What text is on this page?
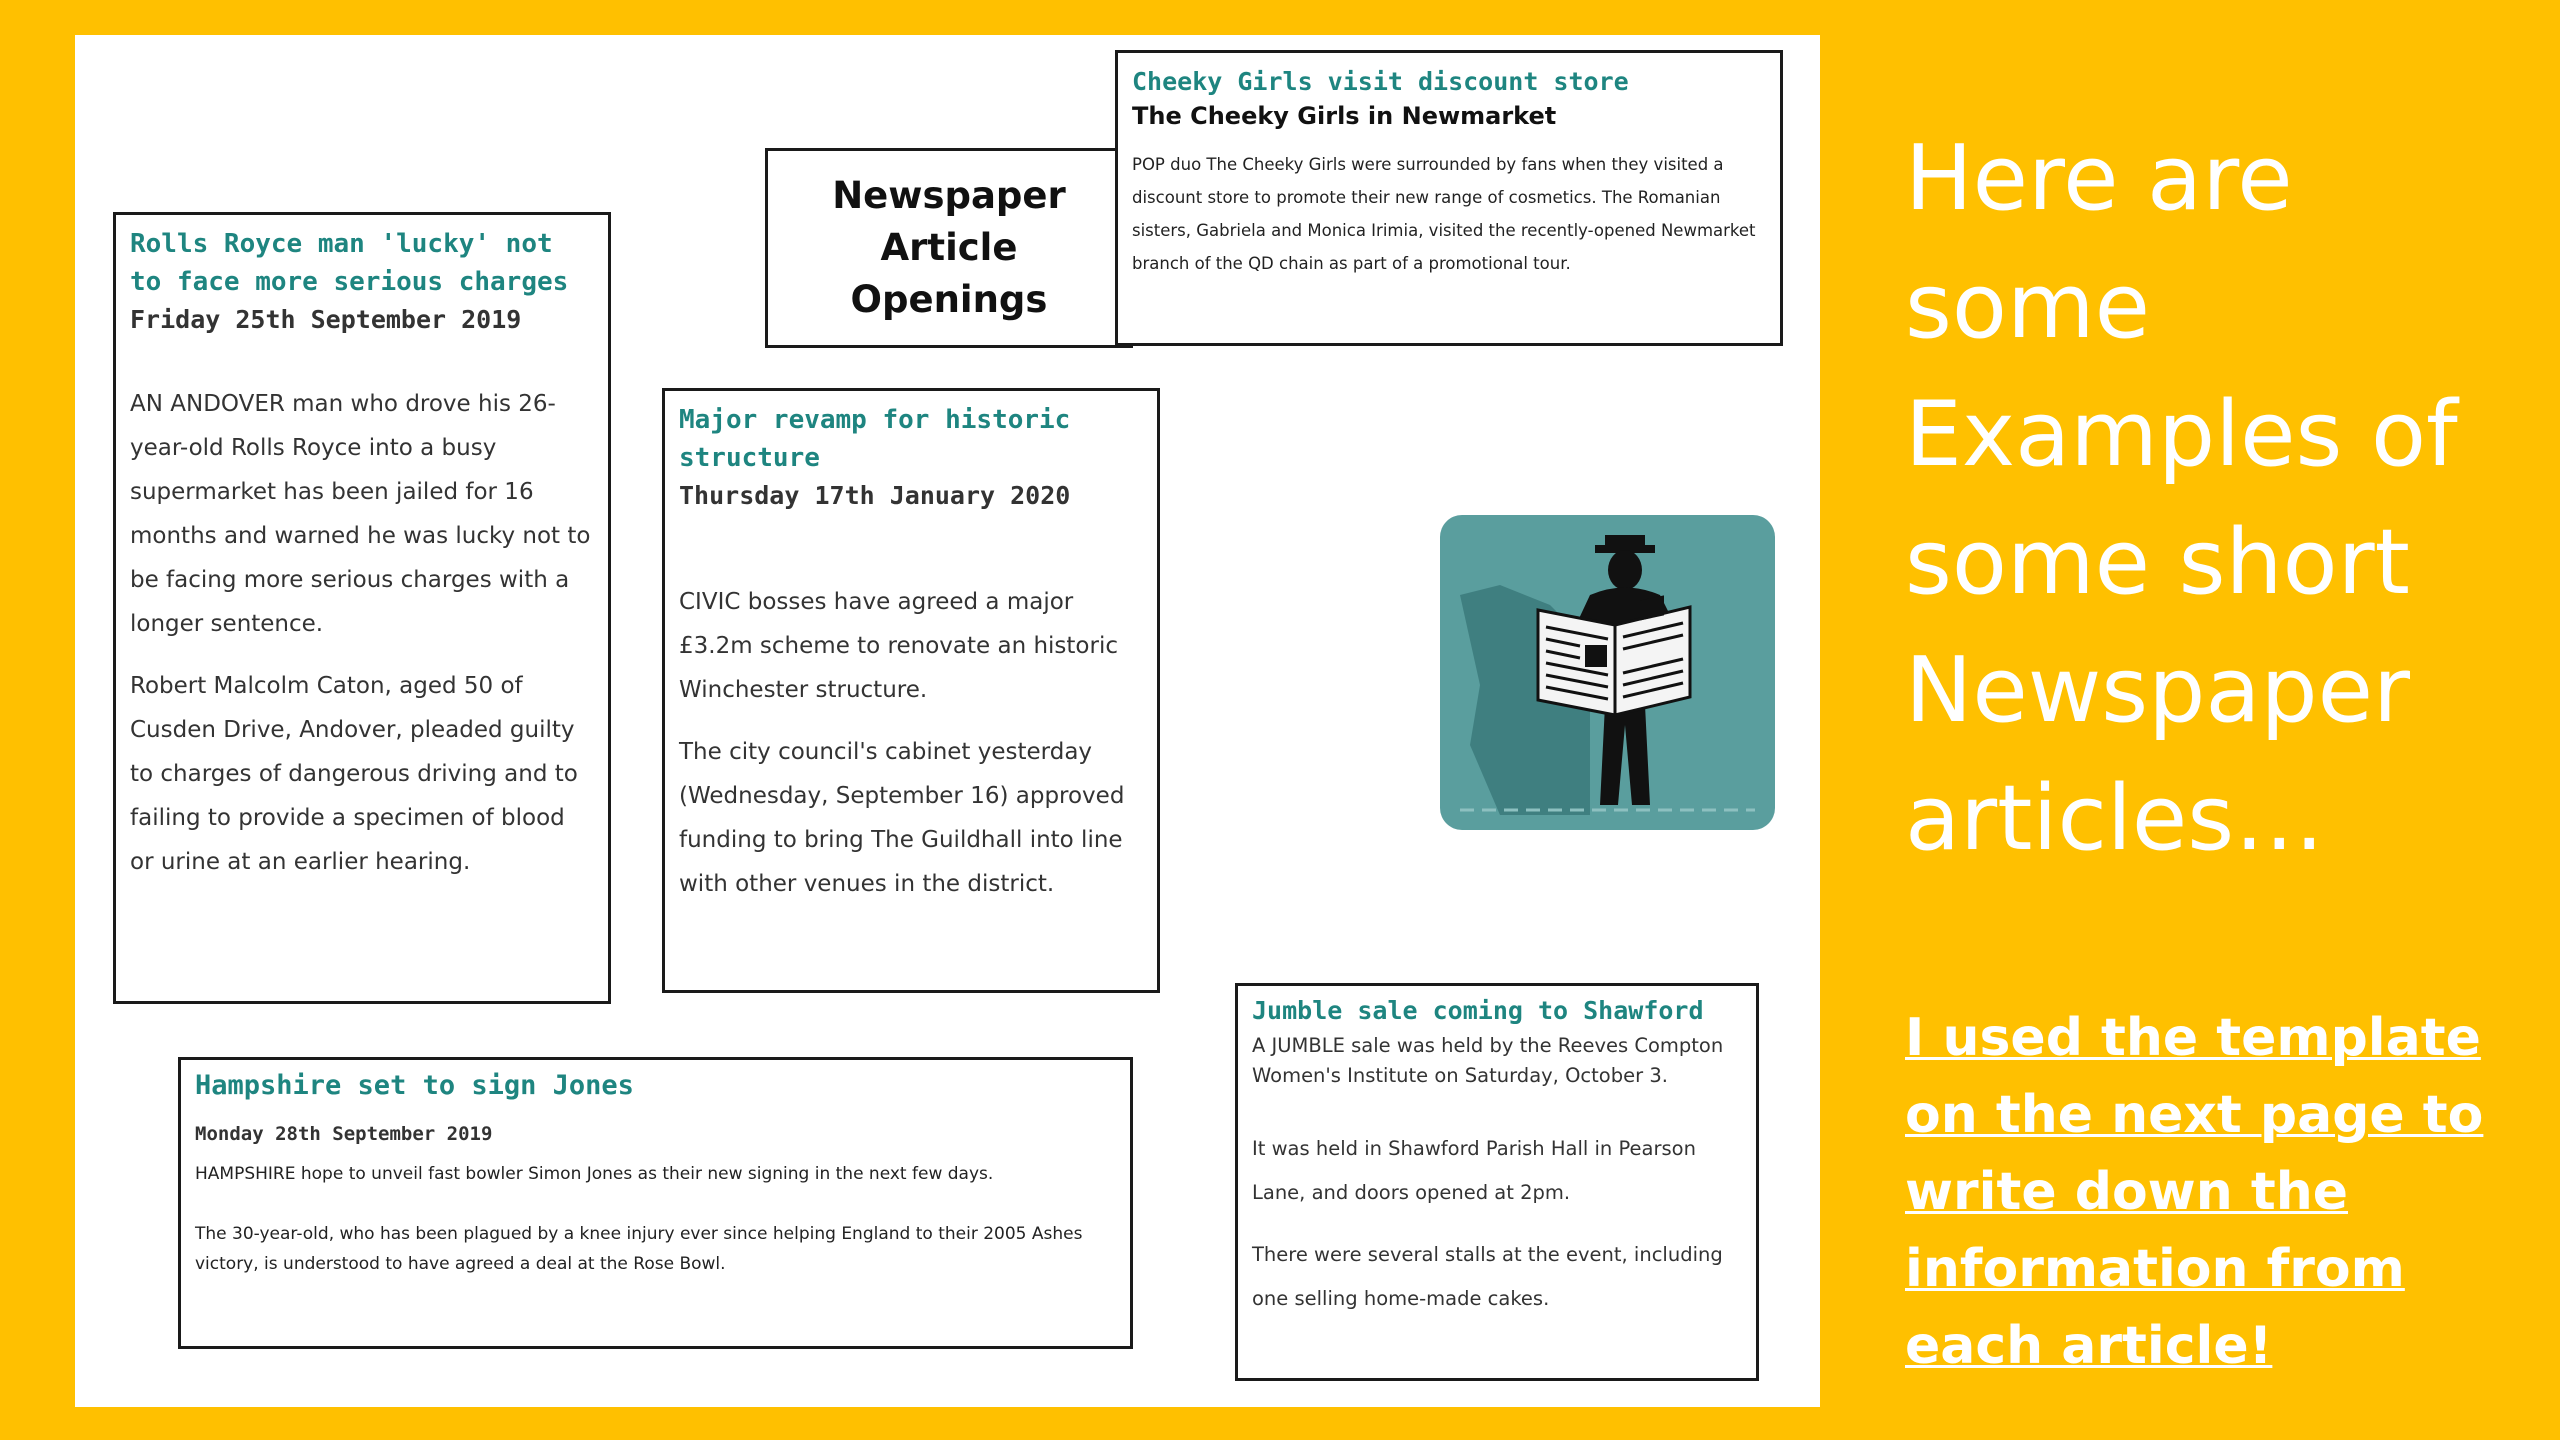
Newspaper
Article
Openings
Cheeky Girls visit discount store
The Cheeky Girls in Newmarket
POP duo The Cheeky Girls were surrounded by fans when they visited a discount store to promote their new range of cosmetics. The Romanian sisters, Gabriela and Monica Irimia, visited the recently-opened Newmarket branch of the QD chain as part of a promotional tour.
Rolls Royce man 'lucky' not to face more serious charges
Friday 25th September 2019

AN ANDOVER man who drove his 26-year-old Rolls Royce into a busy supermarket has been jailed for 16 months and warned he was lucky not to be facing more serious charges with a longer sentence.

Robert Malcolm Caton, aged 50 of Cusden Drive, Andover, pleaded guilty to charges of dangerous driving and to failing to provide a specimen of blood or urine at an earlier hearing.

Major revamp for historic structure
Thursday 17th January 2020

CIVIC bosses have agreed a major £3.2m scheme to renovate an historic Winchester structure.

The city council's cabinet yesterday (Wednesday, September 16) approved funding to bring The Guildhall into line with other venues in the district.

Jumble sale coming to Shawford

A JUMBLE sale was held by the Reeves Compton Women's Institute on Saturday, October 3.

It was held in Shawford Parish Hall in Pearson Lane, and doors opened at 2pm.

There were several stalls at the event, including one selling home-made cakes.

Hampshire set to sign Jones
Monday 28th September 2019

HAMPSHIRE hope to unveil fast bowler Simon Jones as their new signing in the next few days.

The 30-year-old, who has been plagued by a knee injury ever since helping England to their 2005 Ashes victory, is understood to have agreed a deal at the Rose Bowl.

Here are some Examples of some short Newspaper articles…
I used the template on the next page to write down the information from each article!
